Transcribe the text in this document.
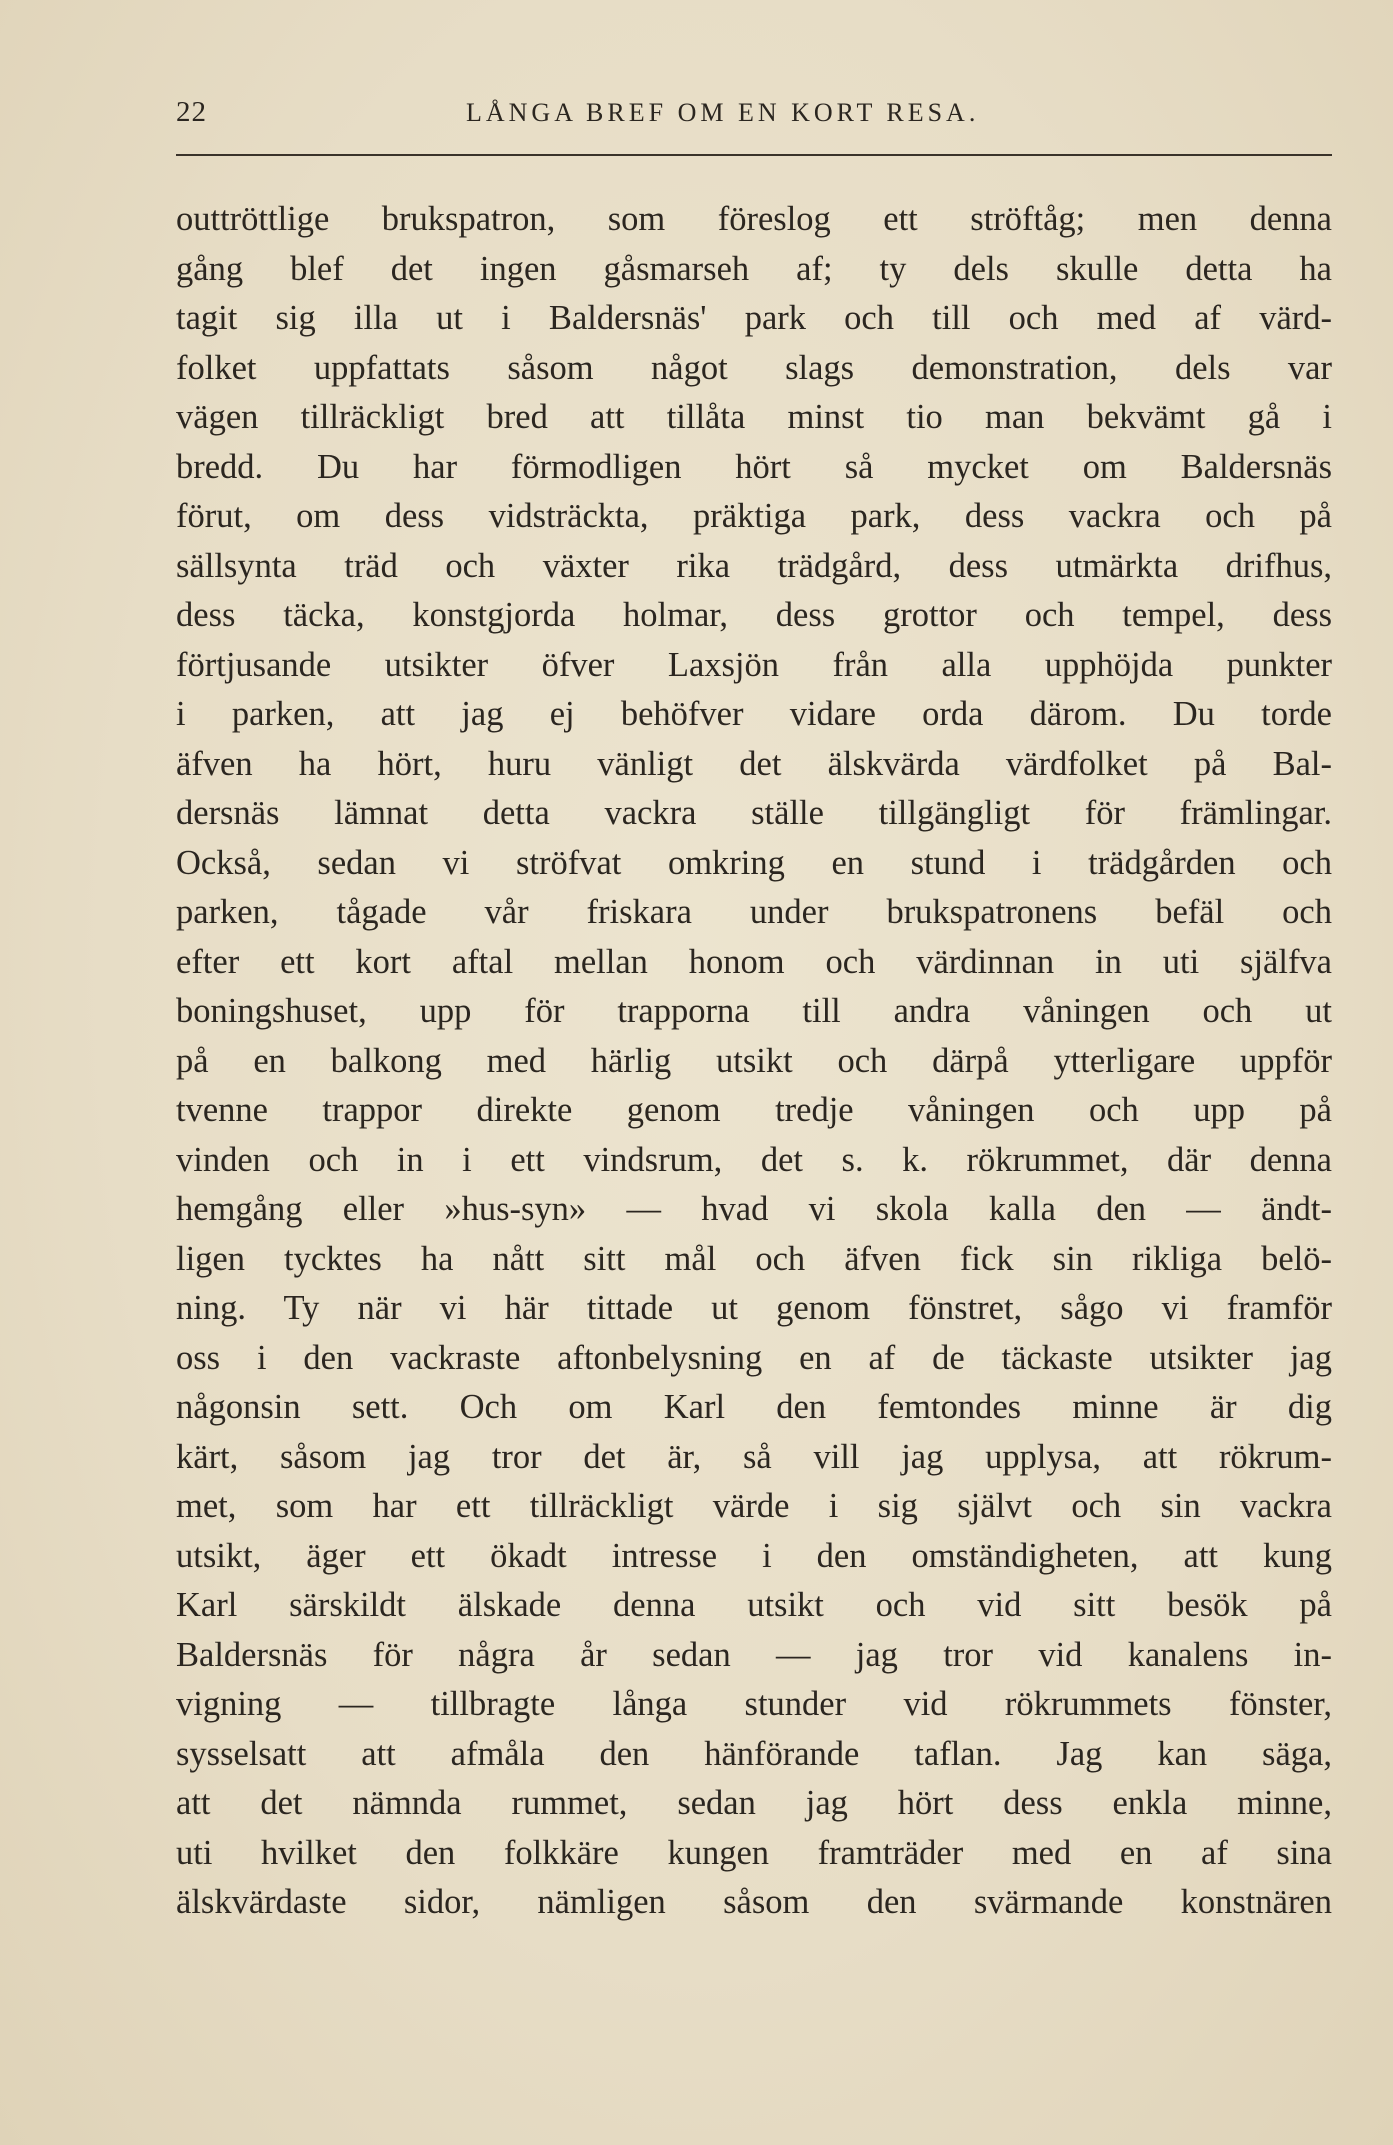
22	LÅNGA BREF OM EN KORT RESA.
outtröttlige brukspatron, som föreslog ett ströftåg; men denna
gång blef det ingen gåsmarseh af; ty dels skulle detta ha
tagit sig illa ut i Baldersnäs' park och till och med af värd-
folket uppfattats såsom något slags demonstration, dels var
vägen tillräckligt bred att tillåta minst tio man bekvämt gå i
bredd. Du har förmodligen hört så mycket om Baldersnäs
förut, om dess vidsträckta, präktiga park, dess vackra och på
sällsynta träd och växter rika trädgård, dess utmärkta drifhus,
dess täcka, konstgjorda holmar, dess grottor och tempel, dess
förtjusande utsikter öfver Laxsjön från alla upphöjda punkter
i parken, att jag ej behöfver vidare orda därom. Du torde
äfven ha hört, huru vänligt det älskvärda värdfolket på Bal-
dersnäs lämnat detta vackra ställe tillgängligt för främlingar.
Också, sedan vi ströfvat omkring en stund i trädgården och
parken, tågade vår friskara under brukspatronens befäl och
efter ett kort aftal mellan honom och värdinnan in uti själfva
boningshuset, upp för trapporna till andra våningen och ut
på en balkong med härlig utsikt och därpå ytterligare uppför
tvenne trappor direkte genom tredje våningen och upp på
vinden och in i ett vindsrum, det s. k. rökrummet, där denna
hemgång eller »hus-syn» — hvad vi skola kalla den — ändt-
ligen tycktes ha nått sitt mål och äfven fick sin rikliga belö-
ning. Ty när vi här tittade ut genom fönstret, sågo vi framför
oss i den vackraste aftonbelysning en af de täckaste utsikter jag
någonsin sett. Och om Karl den femtondes minne är dig
kärt, såsom jag tror det är, så vill jag upplysa, att rökrum-
met, som har ett tillräckligt värde i sig självt och sin vackra
utsikt, äger ett ökadt intresse i den omständigheten, att kung
Karl särskildt älskade denna utsikt och vid sitt besök på
Baldersnäs för några år sedan — jag tror vid kanalens in-
vigning — tillbragte långa stunder vid rökrummets fönster,
sysselsatt att afmåla den hänförande taflan. Jag kan säga,
att det nämnda rummet, sedan jag hört dess enkla minne,
uti hvilket den folkkäre kungen framträder med en af sina
älskvärdaste sidor, nämligen såsom den svärmande konstnären
